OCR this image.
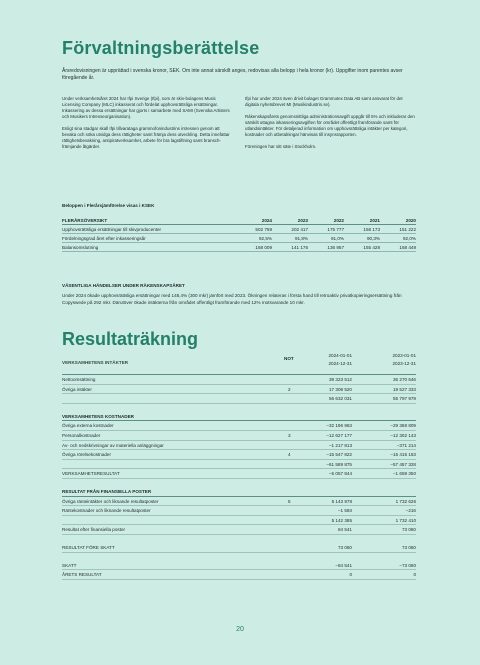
Förvaltningsberättelse
Årsredovisningen är upprättad i svenska kronor, SEK. Om inte annat särskilt anges, redovisas alla belopp i hela kronor (kr). Uppgifter inom parentes avser föregående år.

Under verksamhetsåret 2024 har Ifpi Sverige (Ifpi), som är skiv-bolagens Music Licensing Company (MLC) inkasserat och fördelat upphovsrättsliga ersättningar. Inkassering av dessa ersättningar har gjorts i samarbete med SAMI (Svenska Artisters och Musikers Intresseorganisation).

Enligt sina stadgar skall Ifpi tillvarataga grammofonindustrins intressen genom att bevaka och söka utvidga dess rättigheter samt främja dess utveckling. Detta innefattar rättighetsbevakning, antipiratverksamhet, arbete för bra lagstiftning samt bransch-främjande åtgärder.

Ifpi har under 2024 även drivit bolaget Grammotex Data AB samt ansvarat för det digitala nyhetsbrevet MI (Musikindustrin.se).

Rákenskapsårets genomsnittliga administrationsavgift uppgår till 5% och inkluderar den särskilt uttagna inkasseringsavgiften för området offentligt framförande samt för utlandsintäkter. För detaljerad information om upphovsrättsliga intäkter per kategori, kostnader och utbetalningar hänvisas till insynsrapporten.

Föreningen har sitt säte i Stockholm.

Beloppen i Flerårsjämförelse visas i KSEK
FLERÅRSÖVERSIKT	2024	2023	2022	2021	2020
Upphovsrättsliga ersättningar till skivproducenter	502 759	202 417	175 777	158 173	151 222
Fördelningsgrad året efter inkasseringsår	92,5%	91,8%	91,0%	90,3%	92,0%
Balansomslutning	168 009	141 176	136 957	155 428	168 449
VÄSENTLIGA HÄNDELSER UNDER RÄKENSKAPSÅRET
Under 2024 ökade upphovsrättsliga ersättningar med 148,4% (300 mkr) jämfört med 2023. Ökningen relateras i första hand till retroaktiv privatkopieringsersättning från Copyswede på 292 mkr. Därutöver ökade intäkterna från området offentligt framförande med 12% motsvarande 10 mkr.
Resultaträkning
VERKSAMHETENS INTÄKTER
NOT
2024-01-01
2024-12-31
2023-01-01
2023-12-31
Nettoomsättning	39 323 512	36 270 646
Övriga intäkter	2	17 308 520	19 527 333
56 632 031	55 797 979
VERKSAMHETENS KOSTNADER
Övriga externa kostnader	−32 196 963	−29 368 809
Personalkostnader	3	−12 627 177	−12 302 143
Av- och nedskrivningar av materiella anläggningar	−1 217 813	−371 214
Övriga rörelsekostnader	4	−15 547 822	−15 415 163
−61 589 875	−57 457 328
VERKSAMHETSRESULTAT	−5 057 844	−1 659 350
RESULTAT FRÅN FINANSIELLA POSTER
Övriga ränteintäkter och liknande resultatposter	5	5 143 978	1 732 626
Räntekostnader och liknande resultatposter	−1 593	−216
5 142 385	1 732 410
Resultat efter finansiella poster	84 541	73 060
RESULTAT FÖRE SKATT	73 060	73 060
SKATT	−84 541	−73 060
ÅRETS RESULTAT	0	0
20
